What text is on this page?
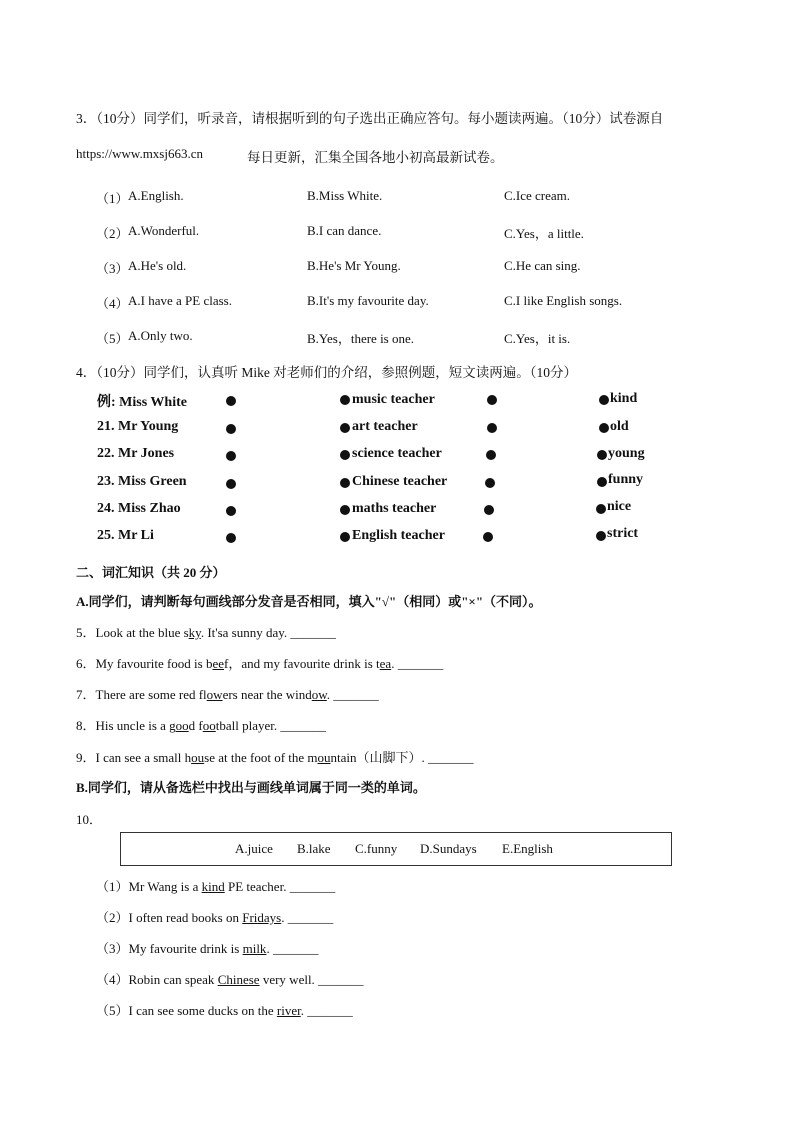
3．（10分）同学们，听录音，请根据听到的句子选出正确应答句。每小题读两遍。（10分）试卷源自
https://www.mxsj663.cn	每日更新，汇集全国各地小初高最新试卷。
（1） A.English.	B.Miss White.	C.Ice cream.
（2） A.Wonderful.	B.I can dance.	C.Yes，a little.
（3） A.He's old.	B.He's Mr Young.	C.He can sing.
（4） A.I have a PE class.	B.It's my favourite day.	C.I like English songs.
（5） A.Only two.	B.Yes，there is one.	C.Yes，it is.
4．（10分）同学们，认真听 Mike 对老师们的介绍，参照例题，短文读两遍。（10分）
例: Miss White	music teacher	kind
21. Mr Young	art teacher	old
22. Mr Jones	science teacher	young
23. Miss Green	Chinese teacher	funny
24. Miss Zhao	maths teacher	nice
25. Mr Li	English teacher	strict
二、词汇知识（共 20 分）
A.同学们，请判断每句画线部分发音是否相同，填入"√"（相同）或"×"（不同）。
5．Look at the blue sky. It'sa sunny day. _______
6．My favourite food is beef，and my favourite drink is tea. _______
7．There are some red flowers near the window. _______
8．His uncle is a good football player. _______
9．I can see a small house at the foot of the mountain（山脚下）. _______
B.同学们，请从备选栏中找出与画线单词属于同一类的单词。
10．
A.juice B.lake C.funny D.Sundays E.English
（1）Mr Wang is a kind PE teacher. _______
（2）I often read books on Fridays. _______
（3）My favourite drink is milk. _______
（4）Robin can speak Chinese very well. _______
（5）I can see some ducks on the river. _______
